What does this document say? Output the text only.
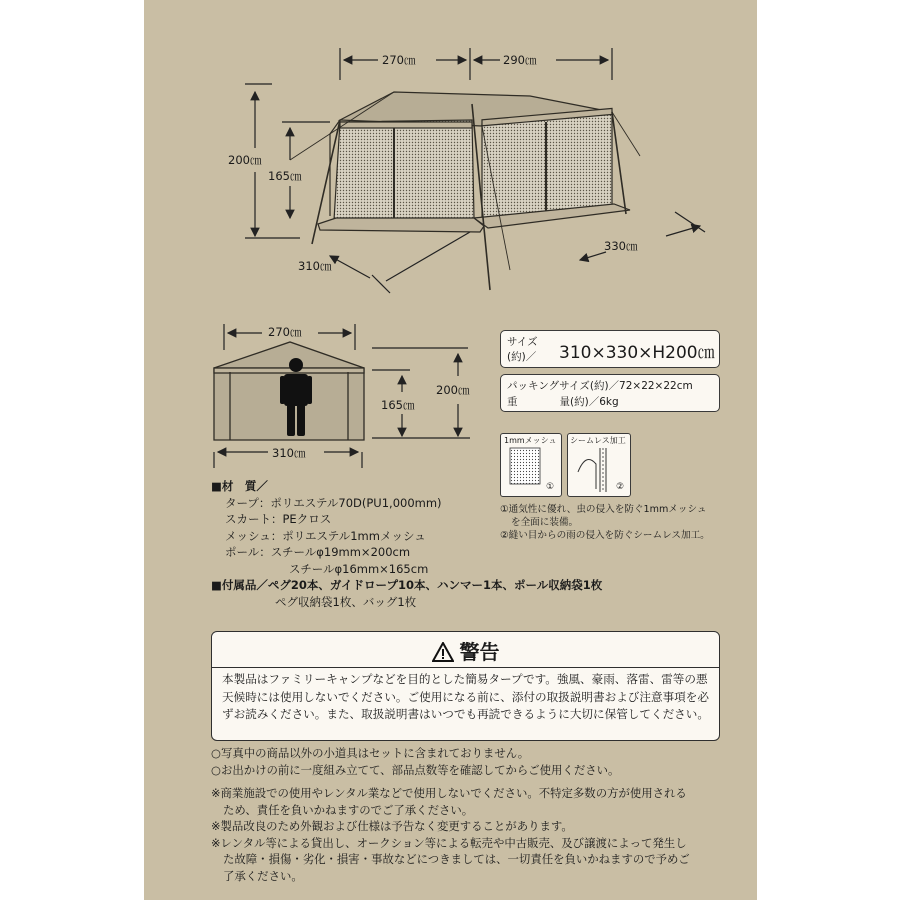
270㎝	290㎝
200㎝
165㎝
310㎝
330㎝
270㎝
310㎝
165㎝
200㎝
サイズ
(約)／ 310×330×H200㎝
パッキングサイズ(約)／72×22×22cm
重　　　　量(約)／6kg
1mmメッシュ
①
シームレス加工
②
①通気性に優れ、虫の侵入を防ぐ1mmメッシュ
を全面に装備。
②縫い目からの雨の侵入を防ぐシームレス加工。
■材　質／
タープ：ポリエステル70D(PU1,000mm)
スカート：PEクロス
メッシュ：ポリエステル1mmメッシュ
ポール：スチールφ19mm×200cm
スチールφ16mm×165cm
■付属品／ペグ20本、ガイドロープ10本、ハンマー1本、ポール収納袋1枚
ペグ収納袋1枚、バッグ1枚
警告
本製品はファミリーキャンプなどを目的とした簡易タープです。強風、豪雨、落雷、雷等の悪天候時には使用しないでください。ご使用になる前に、添付の取扱説明書および注意事項を必ずお読みください。また、取扱説明書はいつでも再読できるように大切に保管してください。
○写真中の商品以外の小道具はセットに含まれておりません。
○お出かけの前に一度組み立てて、部品点数等を確認してからご使用ください。
※商業施設での使用やレンタル業などで使用しないでください。不特定多数の方が使用される
ため、責任を負いかねますのでご了承ください。
※製品改良のため外観および仕様は予告なく変更することがあります。
※レンタル等による貸出し、オークション等による転売や中古販売、及び譲渡によって発生し
た故障・損傷・劣化・損害・事故などにつきましては、一切責任を負いかねますので予めご
了承ください。
